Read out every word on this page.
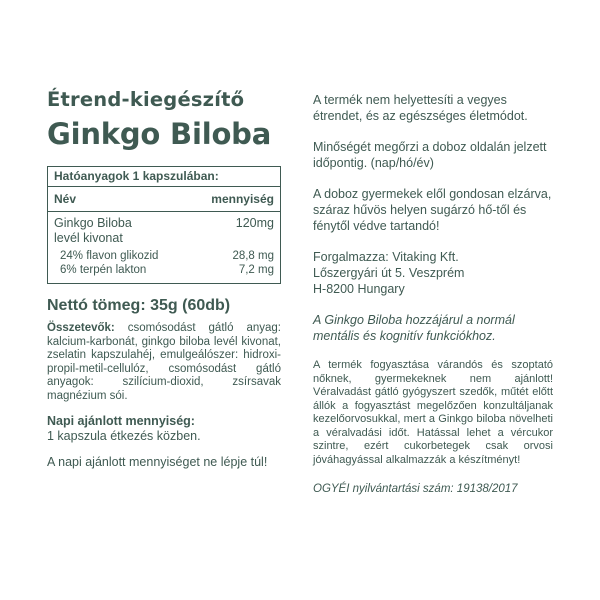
Étrend-kiegészítő
Ginkgo Biloba
Hatóanyagok 1 kapszulában:
Név	mennyiség
Ginkgo Biloba	120mg
levél kivonat
24% flavon glikozid	28,8 mg
6% terpén lakton	7,2 mg
Nettó tömeg: 35g (60db)
Összetevők: csomósodást gátló anyag: kalcium-karbonát, ginkgo biloba levél kivonat, zselatin kapszulahéj, emulgeálószer: hidroxi-propil-metil-cellulóz, csomósodást gátló anyagok: szilícium-dioxid, zsírsavak magnézium sói.
Napi ajánlott mennyiség:
1 kapszula étkezés közben.
A napi ajánlott mennyiséget ne lépje túl!

A termék nem helyettesíti a vegyes étrendet, és az egészséges életmódot.

Minőségét megőrzi a doboz oldalán jelzett időpontig. (nap/hó/év)

A doboz gyermekek elől gondosan elzárva, száraz hűvös helyen sugárzó hő-től és fénytől védve tartandó!

Forgalmazza: Vitaking Kft.
Lőszergyári út 5. Veszprém
H-8200 Hungary

A Ginkgo Biloba hozzájárul a normál mentális és kognitív funkciókhoz.

A termék fogyasztása várandós és szoptató nőknek, gyermekeknek nem ajánlott! Véralvadást gátló gyógyszert szedők, műtét előtt állók a fogyasztást megelőzően konzultáljanak kezelőorvosukkal, mert a Ginkgo biloba növelheti a véralvadási időt. Hatással lehet a vércukor szintre, ezért cukorbetegek csak orvosi jóváhagyással alkalmazzák a készítményt!
OGYÉI nyilvántartási szám: 19138/2017
